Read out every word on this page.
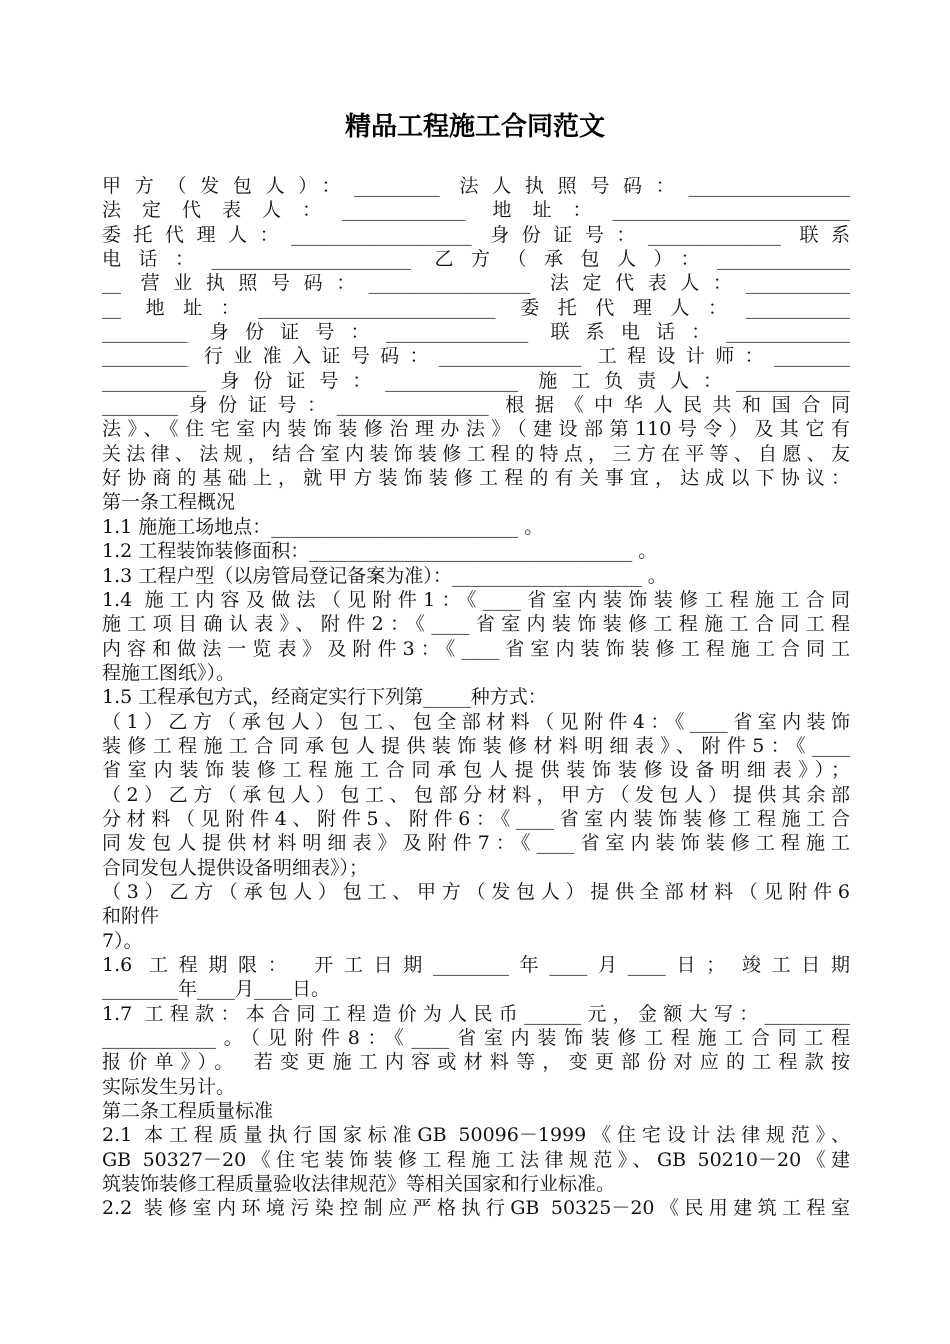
精品工程施工合同范文
甲方（发包人）：_________ 法人执照号码：_________________
法定代表人：_____________ 地址：_________________________
委托代理人：___________________ 身份证号：______________ 联系
电话：_____________________ 乙方（承包人）：______________
__ 营业执照号码：_________________ 法定代表人：___________
__ 地址：_________________________ 委托代理人：___________
_________ 身份证号：_______________ 联系电话：_____________
_________ 行业准入证号码：_______________ 工程设计师：________
___________身份证号：______________ 施工负责人：____________
________身份证号：________________ 根据《中华人民共和国合同
法》、《住宅室内装饰装修治理办法》（建设部第110号令）及其它有
关法律、法规，结合室内装饰装修工程的特点，三方在平等、自愿、友
好协商的基础上，就甲方装饰装修工程的有关事宜，达成以下协议：
第一条工程概况
1.1 施施工场地点：__________________________ 。
1.2 工程装饰装修面积：__________________________________ 。
1.3 工程户型（以房管局登记备案为准）：____________________ 。
1.4 施工内容及做法（见附件1：《____省室内装饰装修工程施工合同
施工项目确认表》、附件2：《____省室内装饰装修工程施工合同工程
内容和做法一览表》及附件3：《____省室内装饰装修工程施工合同工
程施工图纸》）。
1.5 工程承包方式，经商定实行下列第_____种方式：
（1）乙方（承包人）包工、包全部材料（见附件4：《____省室内装饰
装修工程施工合同承包人提供装饰装修材料明细表》、附件5：《____
省室内装饰装修工程施工合同承包人提供装饰装修设备明细表》）；
（2）乙方（承包人）包工、包部分材料，甲方（发包人）提供其余部
分材料（见附件4、附件5、附件6：《____省室内装饰装修工程施工合
同发包人提供材料明细表》及附件7：《____省室内装饰装修工程施工
合同发包人提供设备明细表》）；
（3）乙方（承包人）包工、甲方（发包人）提供全部材料（见附件6
和附件
7）。
1.6 工程期限： 开工日期________年____月____日； 竣工日期
________年____月____日。
1.7 工程款：本合同工程造价为人民币______元，金额大写：_________
____________。（见附件8：《____省室内装饰装修工程施工合同工程
报价单》）。 若变更施工内容或材料等，变更部份对应的工程款按
实际发生另计。
第二条工程质量标准
2.1 本工程质量执行国家标准GB 50096－1999《住宅设计法律规范》、
GB 50327－20《住宅装饰装修工程施工法律规范》、GB 50210－20《建
筑装饰装修工程质量验收法律规范》等相关国家和行业标准。
2.2 装修室内环境污染控制应严格执行GB 50325－20《民用建筑工程室
